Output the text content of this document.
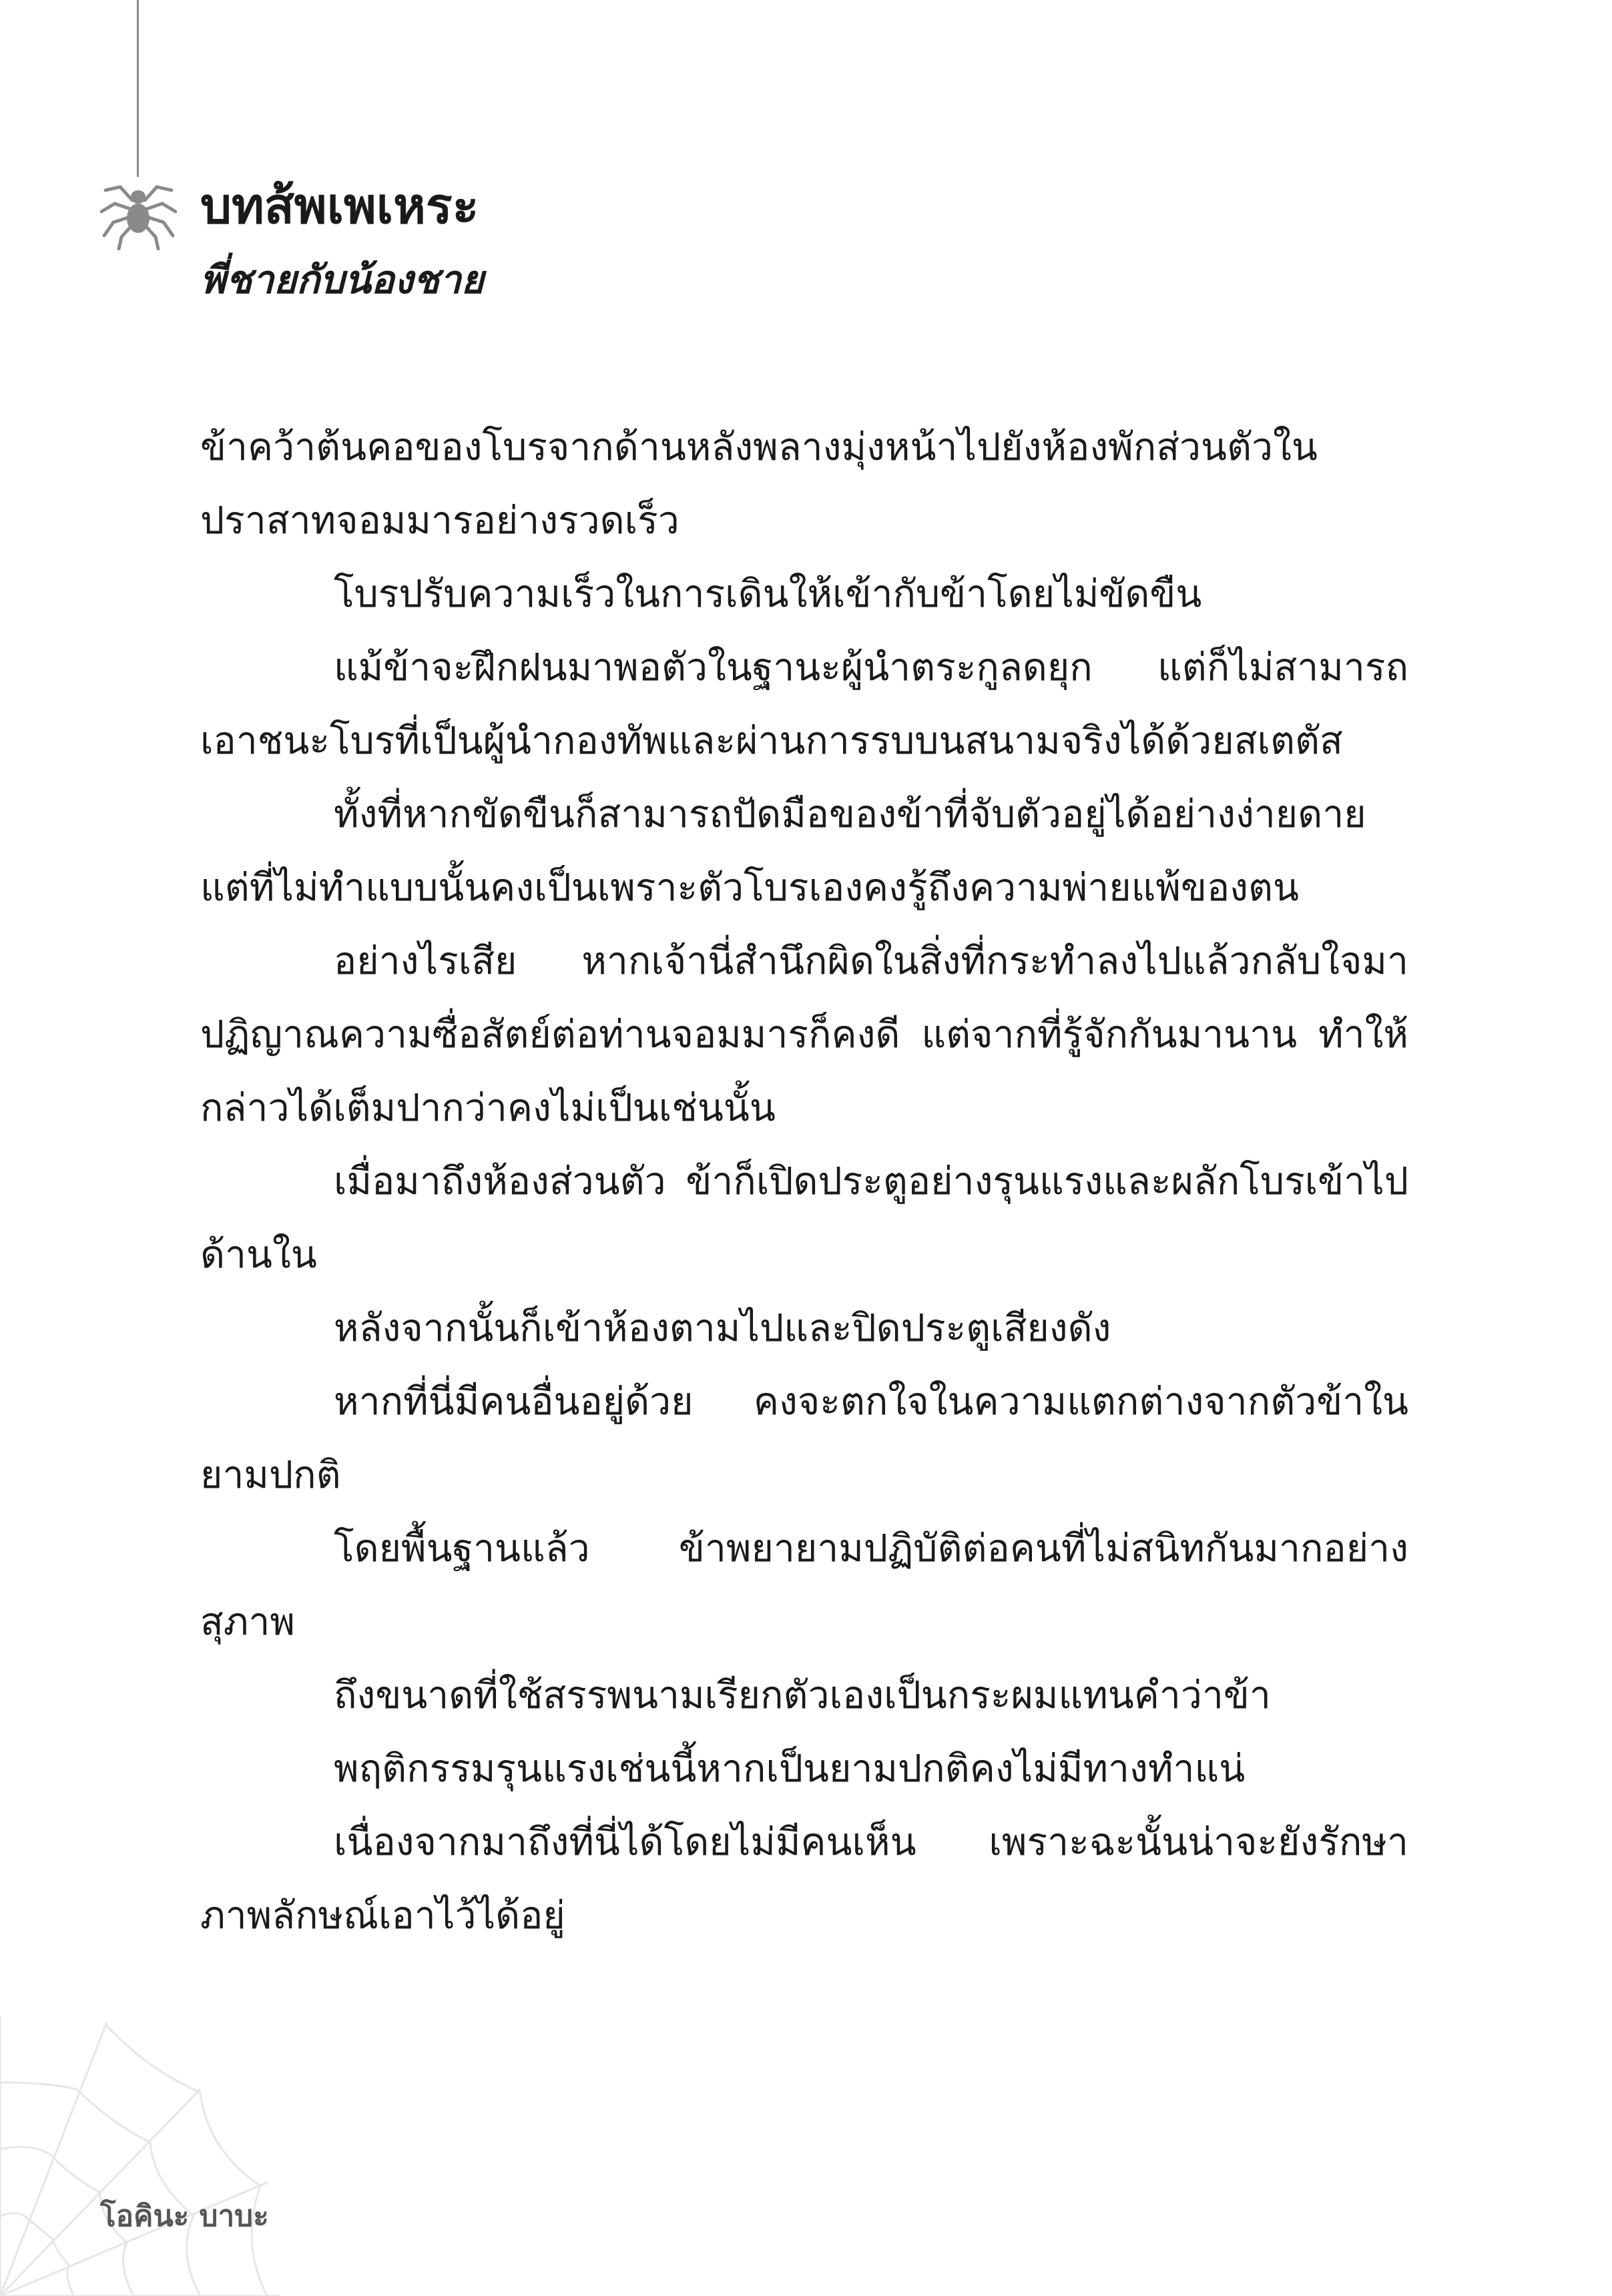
บทส้พเพเหระ
พี่ชายกับน้องชาย

ข้าคว้าต้นคอของโบรจากด้านหลังพลางมุ่งหน้าไปยังห้องพักส่วนตัวในปราสาทจอมมารอย่างรวดเร็ว

โบรปรับความเร็วในการเดินให้เข้ากับข้าโดยไม่ขัดขืน

แม้ข้าจะฝึกฝนมาพอตัวในฐานะผู้นำตระกูลดยุก แต่ก็ไม่สามารถเอาชนะโบรที่เป็นผู้นำกองทัพและผ่านการรบบนสนามจริงได้ด้วยสเตตัส

ทั้งที่หากขัดขืนก็สามารถปัดมือของข้าที่จับตัวอยู่ได้อย่างง่ายดาย แต่ที่ไม่ทำแบบนั้นคงเป็นเพราะตัวโบรเองคงรู้ถึงความพ่ายแพ้ของตน

อย่างไรเสีย หากเจ้านี่สำนึกผิดในสิ่งที่กระทำลงไปแล้วกลับใจมาปฏิญาณความซื่อสัตย์ต่อท่านจอมมารก็คงดี แต่จากที่รู้จักกันมานาน ทำให้กล่าวได้เต็มปากว่าคงไม่เป็นเช่นนั้น

เมื่อมาถึงห้องส่วนตัว ข้าก็เปิดประตูอย่างรุนแรงและผลักโบรเข้าไปด้านใน

หลังจากนั้นก็เข้าห้องตามไปและปิดประตูเสียงดัง

หากที่นี่มีคนอื่นอยู่ด้วย คงจะตกใจในความแตกต่างจากตัวข้าในยามปกติ

โดยพื้นฐานแล้ว ข้าพยายามปฏิบัติต่อคนที่ไม่สนิทกันมากอย่างสุภาพ

ถึงขนาดที่ใช้สรรพนามเรียกตัวเองเป็นกระผมแทนคำว่าข้า

พฤติกรรมรุนแรงเช่นนี้หากเป็นยามปกติคงไม่มีทางทำแน่

เนื่องจากมาถึงที่นี่ได้โดยไม่มีคนเห็น เพราะฉะนั้นน่าจะยังรักษาภาพลักษณ์เอาไว้ได้อยู่

โอคินะ บาบะ
